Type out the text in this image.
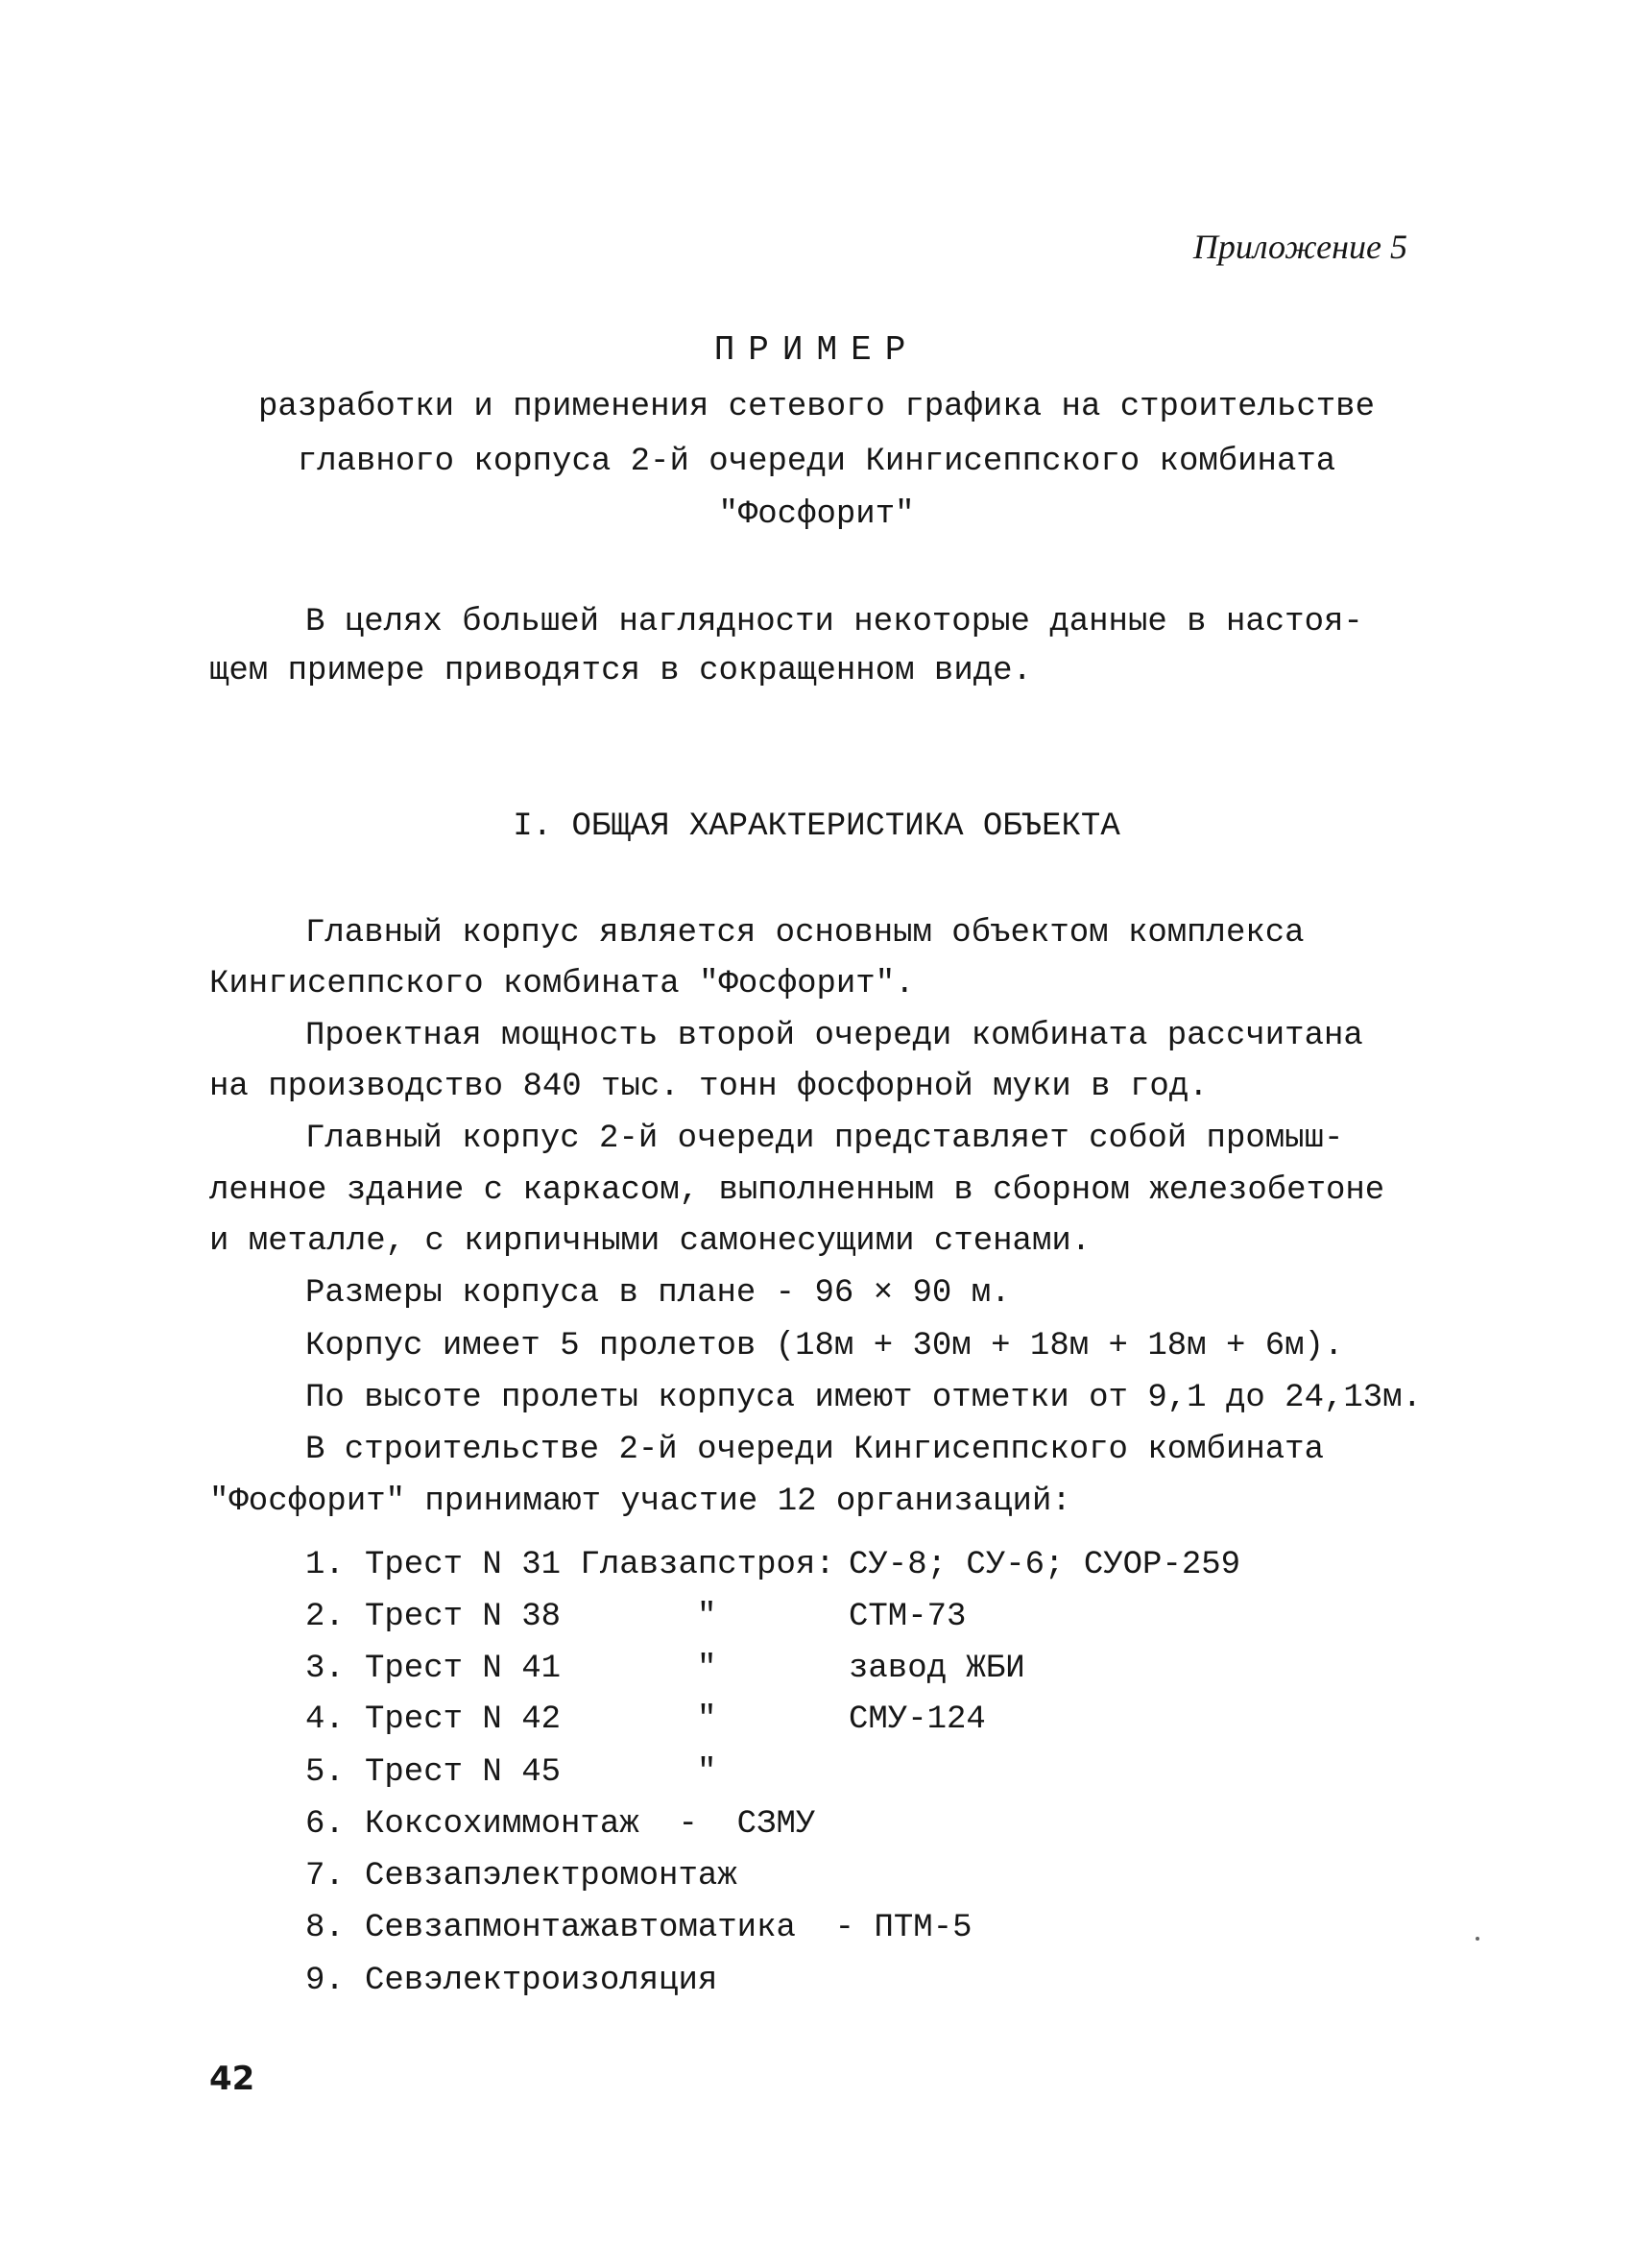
Приложение 5
ПРИМЕР
разработки и применения сетевого графика на строительстве
главного корпуса 2-й очереди Кингисеппского комбината
"Фосфорит"
В целях большей наглядности некоторые данные в настоя-
щем примере приводятся в сокращенном виде.
I. ОБЩАЯ ХАРАКТЕРИСТИКА ОБЪЕКТА
Главный корпус является основным объектом комплекса
Кингисеппского комбината "Фосфорит".
Проектная мощность второй очереди комбината рассчитана
на производство 840 тыс. тонн фосфорной муки в год.
Главный корпус 2-й очереди представляет собой промыш-
ленное здание с каркасом, выполненным в сборном железобетоне
и металле, с кирпичными самонесущими стенами.
Размеры корпуса в плане - 96 × 90 м.
Корпус имеет 5 пролетов (18м + 30м + 18м + 18м + 6м).
По высоте пролеты корпуса имеют отметки от 9,1 до 24,13м.
В строительстве 2-й очереди Кингисеппского комбината
"Фосфорит" принимают участие 12 организаций:
1. Трест N 31 Главзапстроя: СУ-8; СУ-6; СУОР-259
2. Трест N 38	"	СТМ-73
3. Трест N 41	"	завод ЖБИ
4. Трест N 42	"	СМУ-124
5. Трест N 45	"
6. Коксохиммонтаж  -  СЗМУ
7. Севзапэлектромонтаж
8. Севзапмонтажавтоматика  - ПТМ-5
9. Севэлектроизоляция
42
